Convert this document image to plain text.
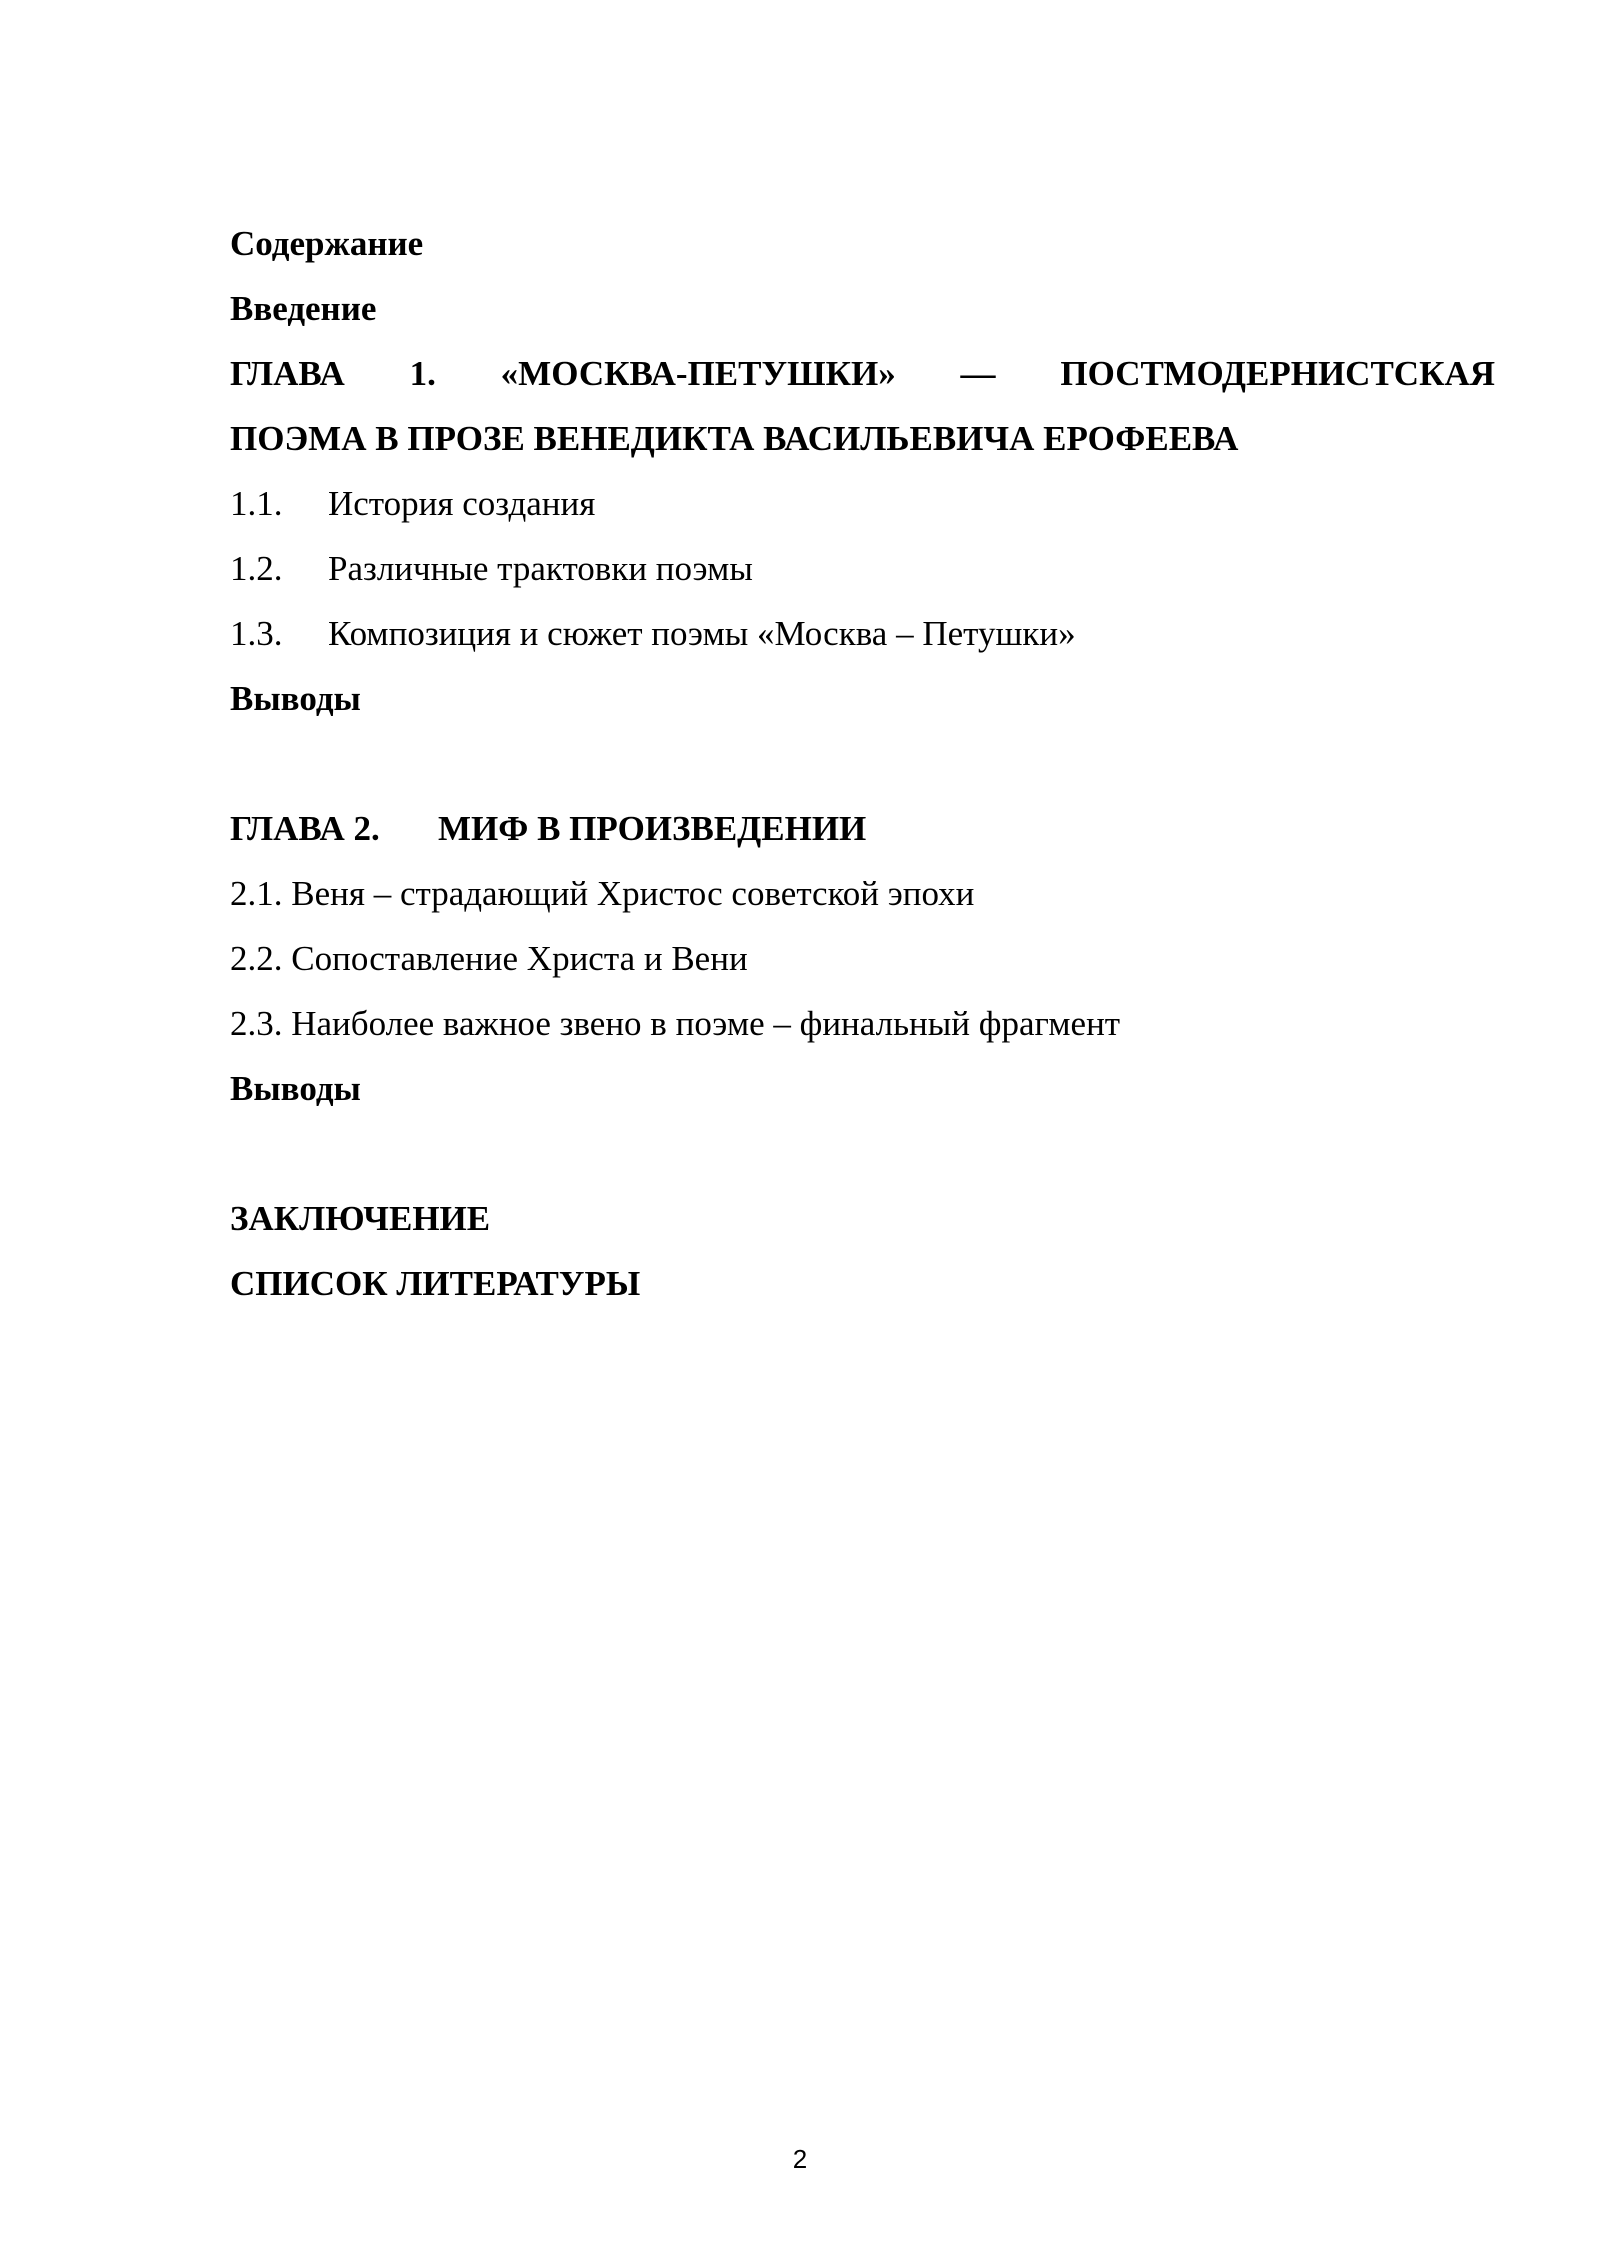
Содержание
Введение
ГЛАВА 1. «МОСКВА-ПЕТУШКИ» — ПОСТМОДЕРНИСТСКАЯ
ПОЭМА В ПРОЗЕ ВЕНЕДИКТА ВАСИЛЬЕВИЧА ЕРОФЕЕВА
1.1. История создания
1.2. Различные трактовки поэмы
1.3. Композиция и сюжет поэмы «Москва – Петушки»
Выводы
ГЛАВА 2. МИФ В ПРОИЗВЕДЕНИИ
2.1. Веня – страдающий Христос советской эпохи
2.2. Сопоставление Христа и Вени
2.3. Наиболее важное звено в поэме – финальный фрагмент
Выводы
ЗАКЛЮЧЕНИЕ
СПИСОК ЛИТЕРАТУРЫ
2
